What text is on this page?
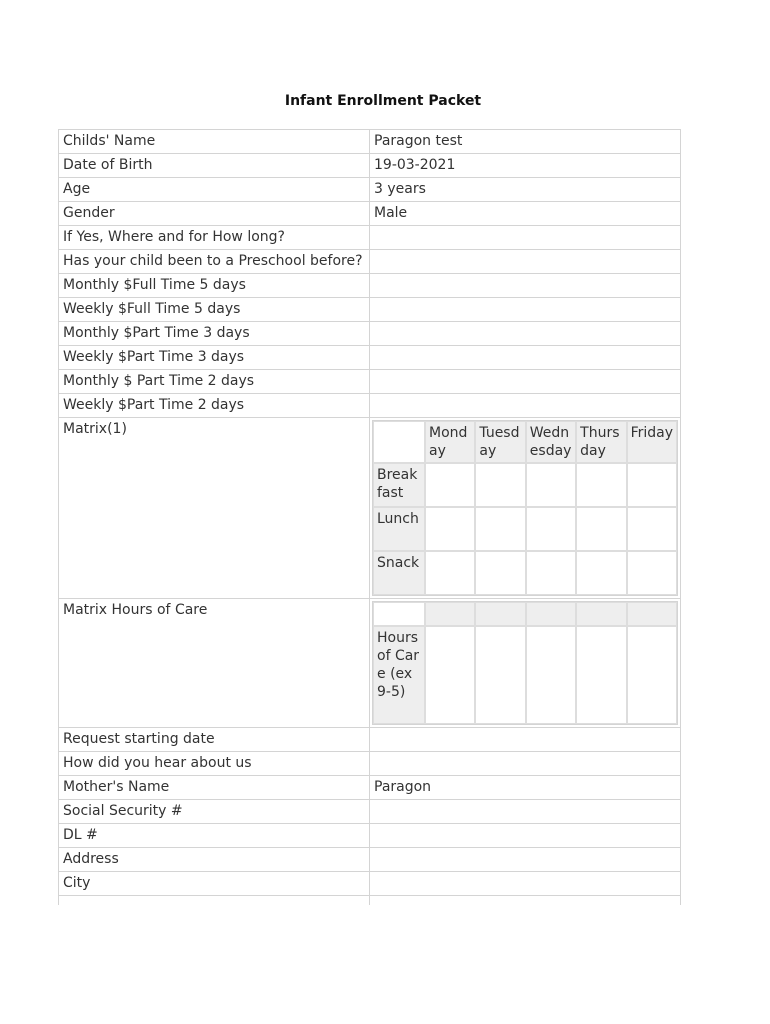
Infant Enrollment Packet
Childs' Name	Paragon test
Date of Birth	19-03-2021
Age	3 years
Gender	Male
If Yes, Where and for How long?	
Has your child been to a Preschool before?	
Monthly $Full Time 5 days	
Weekly $Full Time 5 days	
Monthly $Part Time 3 days	
Weekly $Part Time 3 days	
Monthly $ Part Time 2 days	
Weekly $Part Time 2 days	
Matrix(1)	
		Monday	Tuesday	Wednesday	Thursday	Friday
Breakfast					
Lunch					
Snack					

Matrix Hours of Care	

Hours of Care (ex 9-5)					

Request starting date	
How did you hear about us	
Mother's Name	Paragon
Social Security #	
DL #	
Address	
City	
